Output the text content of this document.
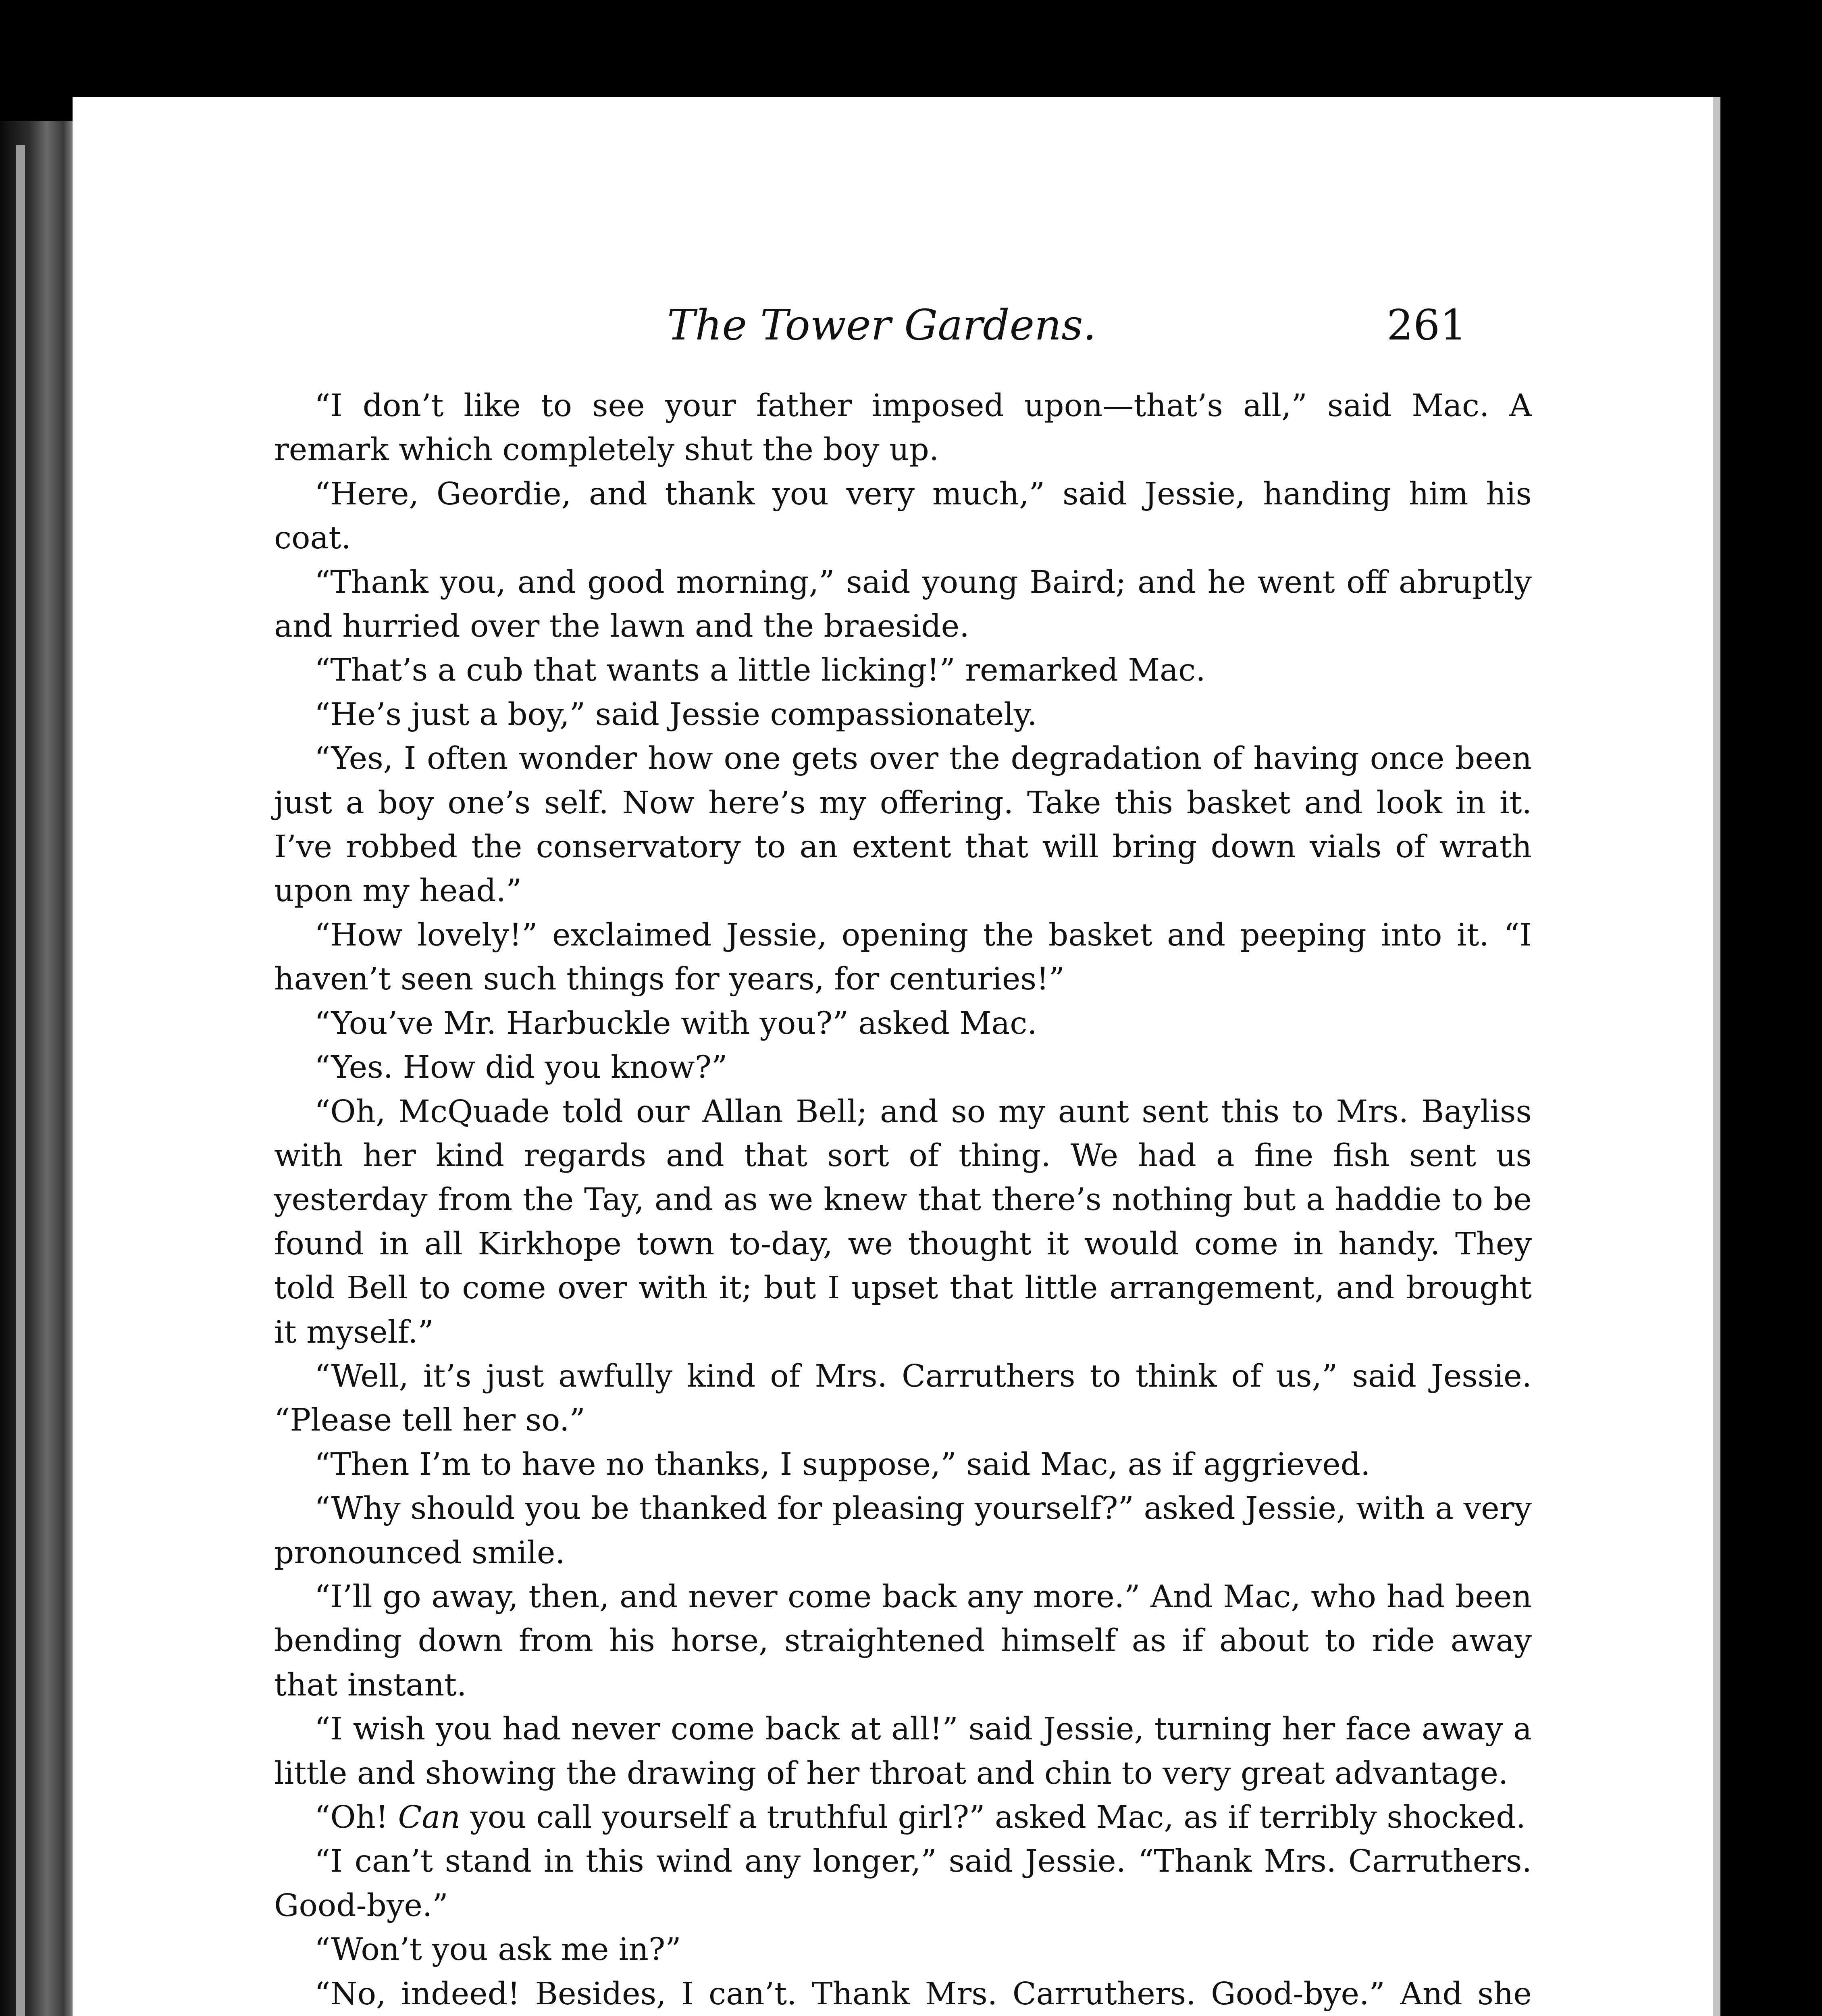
The Tower Gardens.	261

“I don’t like to see your father imposed upon—that’s all,” said Mac. A remark which completely shut the boy up.

“Here, Geordie, and thank you very much,” said Jessie, handing him his coat.

“Thank you, and good morning,” said young Baird; and he went off abruptly and hurried over the lawn and the braeside.

“That’s a cub that wants a little licking!” remarked Mac.

“He’s just a boy,” said Jessie compassionately.

“Yes, I often wonder how one gets over the degradation of having once been just a boy one’s self. Now here’s my offering. Take this basket and look in it. I’ve robbed the conservatory to an extent that will bring down vials of wrath upon my head.”

“How lovely!” exclaimed Jessie, opening the basket and peeping into it. “I haven’t seen such things for years, for centuries!”

“You’ve Mr. Harbuckle with you?” asked Mac.

“Yes. How did you know?”

“Oh, McQuade told our Allan Bell; and so my aunt sent this to Mrs. Bayliss with her kind regards and that sort of thing. We had a fine fish sent us yesterday from the Tay, and as we knew that there’s nothing but a haddie to be found in all Kirkhope town to-day, we thought it would come in handy. They told Bell to come over with it; but I upset that little arrangement, and brought it myself.”

“Well, it’s just awfully kind of Mrs. Carruthers to think of us,” said Jessie. “Please tell her so.”

“Then I’m to have no thanks, I suppose,” said Mac, as if aggrieved.

“Why should you be thanked for pleasing yourself?” asked Jessie, with a very pronounced smile.

“I’ll go away, then, and never come back any more.” And Mac, who had been bending down from his horse, straightened himself as if about to ride away that instant.

“I wish you had never come back at all!” said Jessie, turning her face away a little and showing the drawing of her throat and chin to very great advantage.

“Oh! Can you call yourself a truthful girl?” asked Mac, as if terribly shocked.

“I can’t stand in this wind any longer,” said Jessie. “Thank Mrs. Carruthers. Good-bye.”

“Won’t you ask me in?”

“No, indeed! Besides, I can’t. Thank Mrs. Carruthers. Good-bye.” And she
